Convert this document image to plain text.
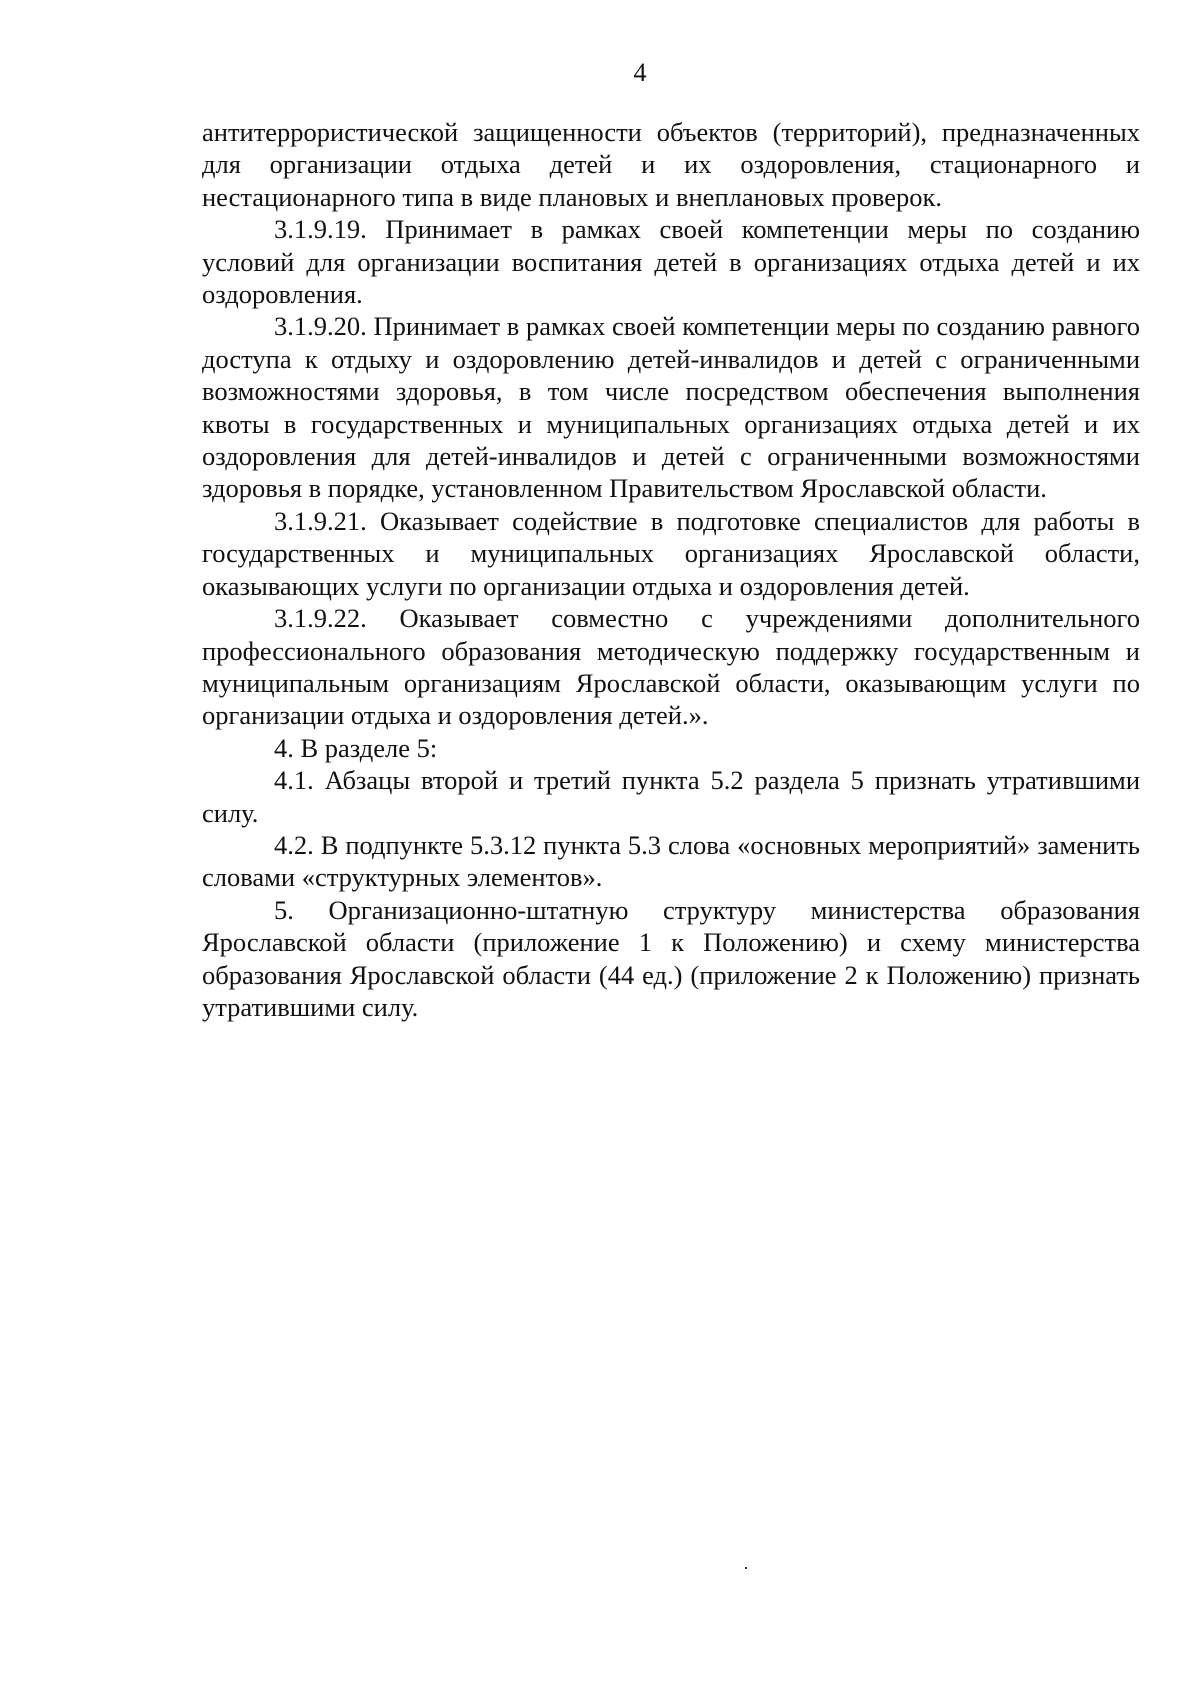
4

антитеррористической защищенности объектов (территорий), предназначенных для организации отдыха детей и их оздоровления, стационарного и нестационарного типа в виде плановых и внеплановых проверок.

3.1.9.19. Принимает в рамках своей компетенции меры по созданию условий для организации воспитания детей в организациях отдыха детей и их оздоровления.

3.1.9.20. Принимает в рамках своей компетенции меры по созданию равного доступа к отдыху и оздоровлению детей-инвалидов и детей с ограниченными возможностями здоровья, в том числе посредством обеспечения выполнения квоты в государственных и муниципальных организациях отдыха детей и их оздоровления для детей-инвалидов и детей с ограниченными возможностями здоровья в порядке, установленном Правительством Ярославской области.

3.1.9.21. Оказывает содействие в подготовке специалистов для работы в государственных и муниципальных организациях Ярославской области, оказывающих услуги по организации отдыха и оздоровления детей.

3.1.9.22. Оказывает совместно с учреждениями дополнительного профессионального образования методическую поддержку государственным и муниципальным организациям Ярославской области, оказывающим услуги по организации отдыха и оздоровления детей.».

4. В разделе 5:

4.1. Абзацы второй и третий пункта 5.2 раздела 5 признать утратившими силу.

4.2. В подпункте 5.3.12 пункта 5.3 слова «основных мероприятий» заменить словами «структурных элементов».

5. Организационно-штатную структуру министерства образования Ярославской области (приложение 1 к Положению) и схему министерства образования Ярославской области (44 ед.) (приложение 2 к Положению) признать утратившими силу.
